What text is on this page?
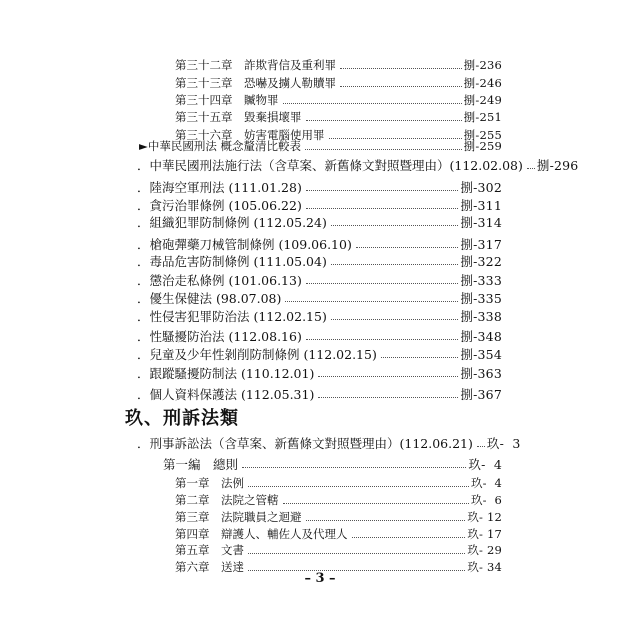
第三十二章　詐欺背信及重利罪	捌-236
第三十三章　恐嚇及擄人勒贖罪	捌-246
第三十四章　贓物罪	捌-249
第三十五章　毀棄損壞罪	捌-251
第三十六章　妨害電腦使用罪	捌-255
►中華民國刑法 概念釐清比較表	捌-259
．中華民國刑法施行法（含草案、新舊條文對照暨理由）(112.02.08) 捌-296
．陸海空軍刑法 (111.01.28)	捌-302
．貪污治罪條例 (105.06.22)	捌-311
．組織犯罪防制條例 (112.05.24)	捌-314
．槍砲彈藥刀械管制條例 (109.06.10)	捌-317
．毒品危害防制條例 (111.05.04)	捌-322
．懲治走私條例 (101.06.13)	捌-333
．優生保健法 (98.07.08)	捌-335
．性侵害犯罪防治法 (112.02.15)	捌-338
．性騷擾防治法 (112.08.16)	捌-348
．兒童及少年性剝削防制條例 (112.02.15)	捌-354
．跟蹤騷擾防制法 (110.12.01)	捌-363
．個人資料保護法 (112.05.31)	捌-367
玖、刑訴法類
．刑事訴訟法（含草案、新舊條文對照暨理由）(112.06.21) 玖-  3
第一編　總則	玖-  4
第一章　法例	玖-  4
第二章　法院之管轄	玖-  6
第三章　法院職員之迴避	玖- 12
第四章　辯護人、輔佐人及代理人	玖- 17
第五章　文書	玖- 29
第六章　送達	玖- 34
– 3 –
